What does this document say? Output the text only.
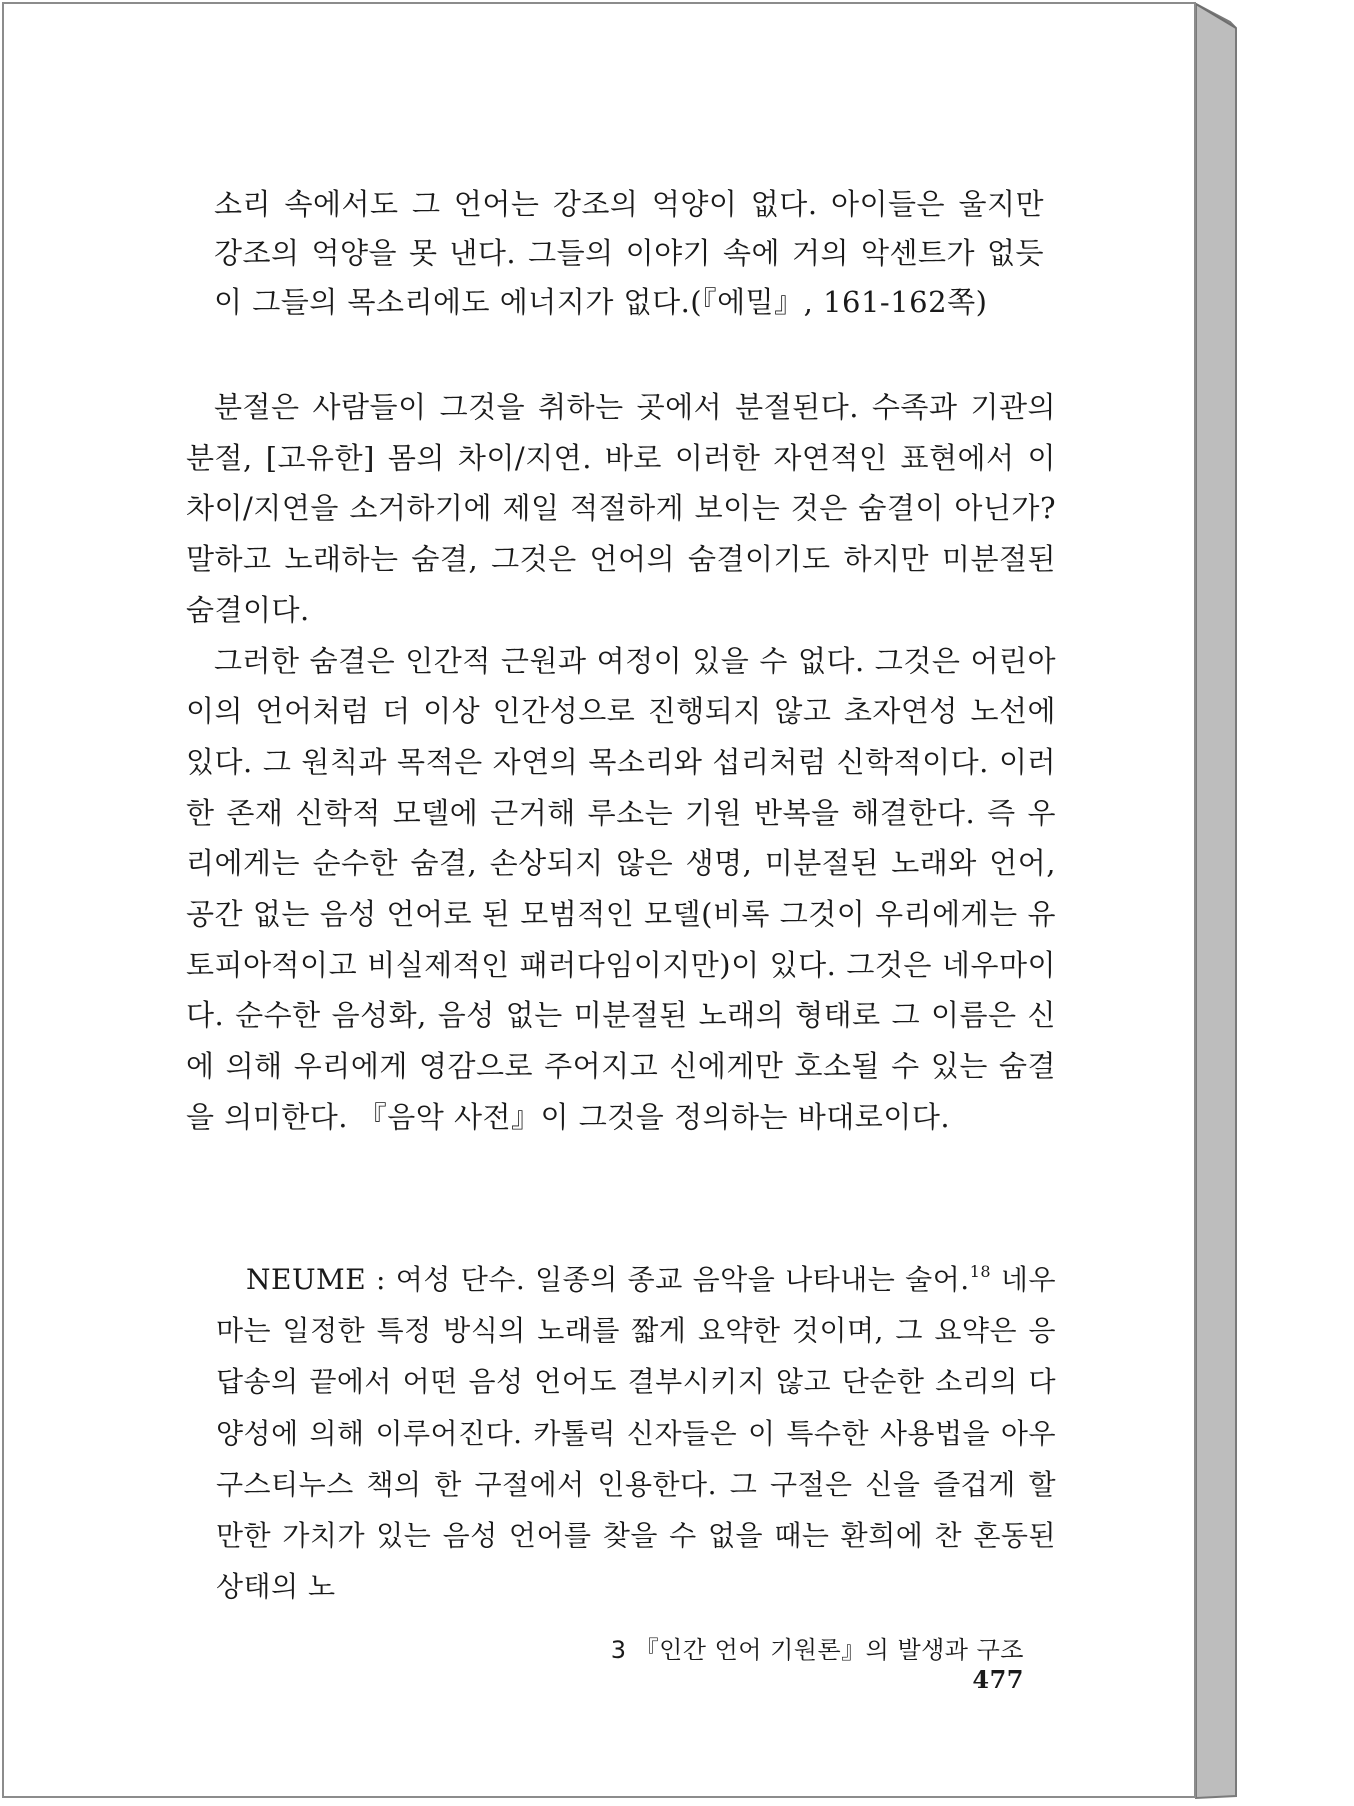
소리 속에서도 그 언어는 강조의 억양이 없다. 아이들은 울지만 강조의 억양을 못 낸다. 그들의 이야기 속에 거의 악센트가 없듯이 그들의 목소리에도 에너지가 없다.(『에밀』, 161-162쪽)

분절은 사람들이 그것을 취하는 곳에서 분절된다. 수족과 기관의 분절, [고유한] 몸의 차이/지연. 바로 이러한 자연적인 표현에서 이 차이/지연을 소거하기에 제일 적절하게 보이는 것은 숨결이 아닌가? 말하고 노래하는 숨결, 그것은 언어의 숨결이기도 하지만 미분절된 숨결이다.

그러한 숨결은 인간적 근원과 여정이 있을 수 없다. 그것은 어린아이의 언어처럼 더 이상 인간성으로 진행되지 않고 초자연성 노선에 있다. 그 원칙과 목적은 자연의 목소리와 섭리처럼 신학적이다. 이러한 존재 신학적 모델에 근거해 루소는 기원 반복을 해결한다. 즉 우리에게는 순수한 숨결, 손상되지 않은 생명, 미분절된 노래와 언어, 공간 없는 음성 언어로 된 모범적인 모델(비록 그것이 우리에게는 유토피아적이고 비실제적인 패러다임이지만)이 있다. 그것은 네우마이다. 순수한 음성화, 음성 없는 미분절된 노래의 형태로 그 이름은 신에 의해 우리에게 영감으로 주어지고 신에게만 호소될 수 있는 숨결을 의미한다. 『음악 사전』이 그것을 정의하는 바대로이다.

NEUME : 여성 단수. 일종의 종교 음악을 나타내는 술어.$^{18}$ 네우마는 일정한 특정 방식의 노래를 짧게 요약한 것이며, 그 요약은 응답송의 끝에서 어떤 음성 언어도 결부시키지 않고 단순한 소리의 다양성에 의해 이루어진다. 카톨릭 신자들은 이 특수한 사용법을 아우구스티누스 책의 한 구절에서 인용한다. 그 구절은 신을 즐겁게 할 만한 가치가 있는 음성 언어를 찾을 수 없을 때는 환희에 찬 혼동된 상태의 노

3 『인간 언어 기원론』의 발생과 구조477
